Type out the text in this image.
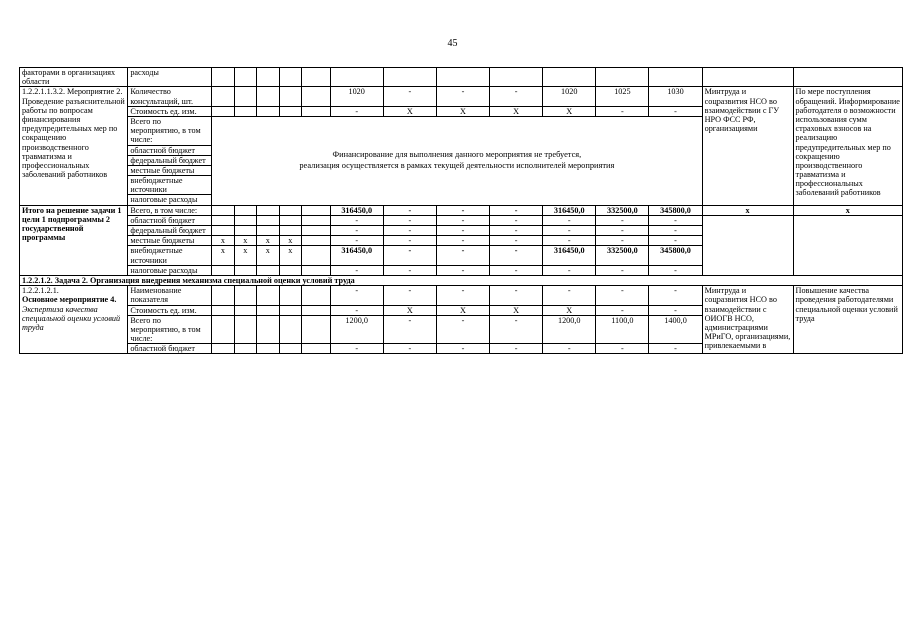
45
факторами в организациях области	расходы														
1.2.2.1.1.3.2. Мероприятие 2. Проведение разъяснительной работы по вопросам финансирования предупредительных мер по сокращению производственного травматизма и профессиональных заболеваний работников	Количество консультаций, шт.						1020	-	-	-	1020	1025	1030	Минтруда и соцразвития НСО во взаимодействии с ГУ НРО ФСС РФ, организациями	По мере поступления обращений. Информирование работодателя о возможности использования сумм страховых взносов на реализацию предупредительных мер по сокращению производственного травматизма и профессиональных заболеваний работников
	Стоимость ед. изм.						-	X	X	X	X	-	-		
	Всего по мероприятию, в том числе:	Финансирование для выполнения данного мероприятия не требуется,
реализация осуществляется в рамках текущей деятельности исполнителей мероприятия													
	областной бюджет														
	федеральный бюджет														
	местные бюджеты														
	внебюджетные источники														
	налоговые расходы														
Итого на решение задачи 1 цели 1 подпрограммы 2 государственной программы	Всего, в том числе:						316450,0	-	-	-	316450,0	332500,0	345800,0	x	x
	областной бюджет						-	-	-	-	-	-	-		
	федеральный бюджет						-	-	-	-	-	-	-		
	местные бюджеты	x	x	x	x		-	-	-	-	-	-	-		
	внебюджетные источники	x	x	x	x		316450,0	-	-	-	316450,0	332500,0	345800,0		
	налоговые расходы						-	-	-	-	-	-	-		
1.2.2.1.2. Задача 2. Организация внедрения механизма специальной оценки условий труда															

1.2.2.1.2.1.
Основное мероприятие 4.
Экспертиза качества специальной оценки условий труда	Наименование показателя						-	-	-	-	-	-	-	Минтруда и соцразвития НСО во взаимодействии с ОИОГВ НСО, администрациями МРиГО, организациями, привлекаемыми в	Повышение качества проведения работодателями специальной оценки условий труда
	Стоимость ед. изм.						-	X	X	X	X	-	-		
	Всего по мероприятию, в том числе:						1200,0	-	-	-	1200,0	1100,0	1400,0		
	областной бюджет						-	-	-	-	-	-	-		
